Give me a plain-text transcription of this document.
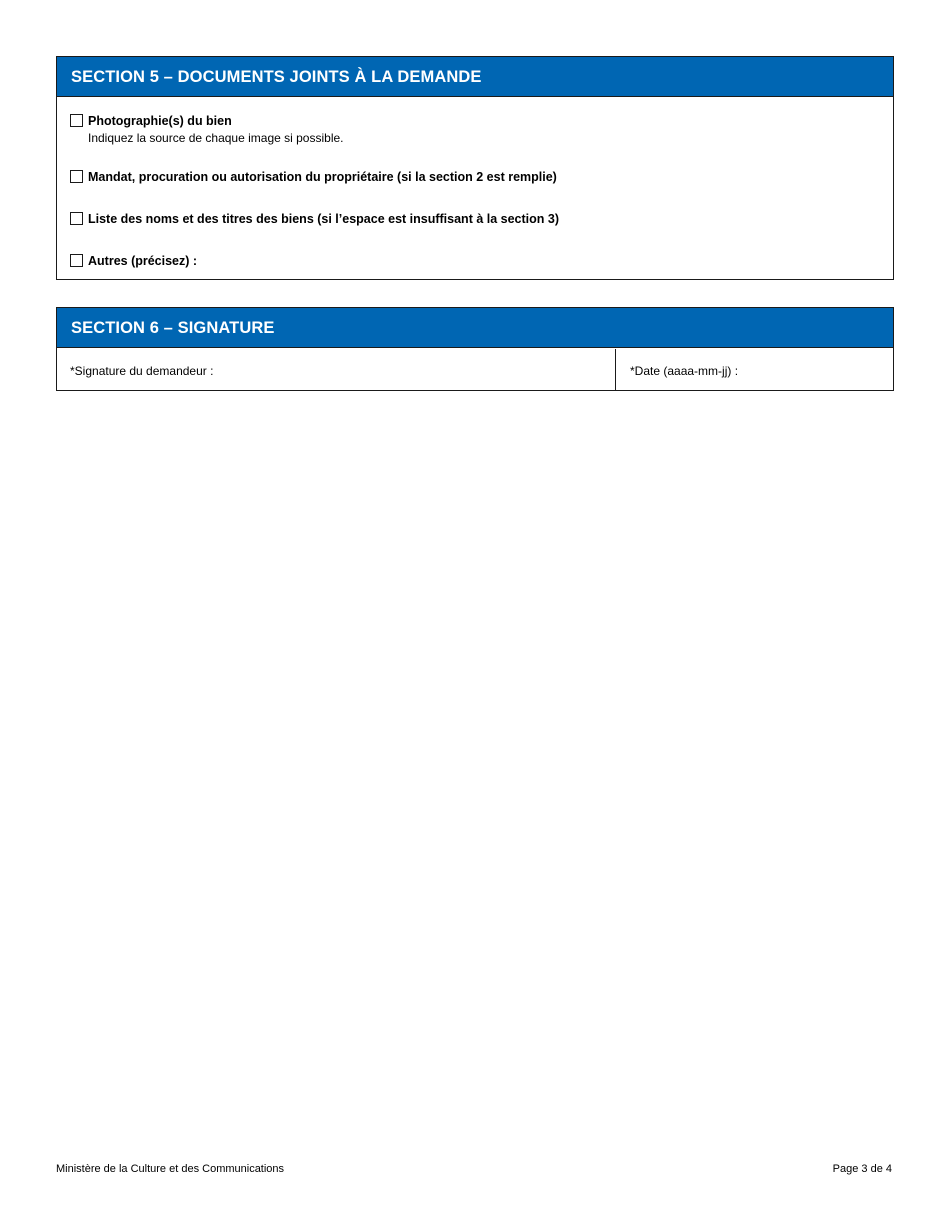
SECTION 5 – DOCUMENTS JOINTS À LA DEMANDE
Photographie(s) du bien
Indiquez la source de chaque image si possible.
Mandat, procuration ou autorisation du propriétaire (si la section 2 est remplie)
Liste des noms et des titres des biens (si l’espace est insuffisant à la section 3)
Autres (précisez) :
SECTION 6 – SIGNATURE
*Signature du demandeur :	*Date (aaaa-mm-jj) :
Ministère de la Culture et des Communications	Page 3 de 4
